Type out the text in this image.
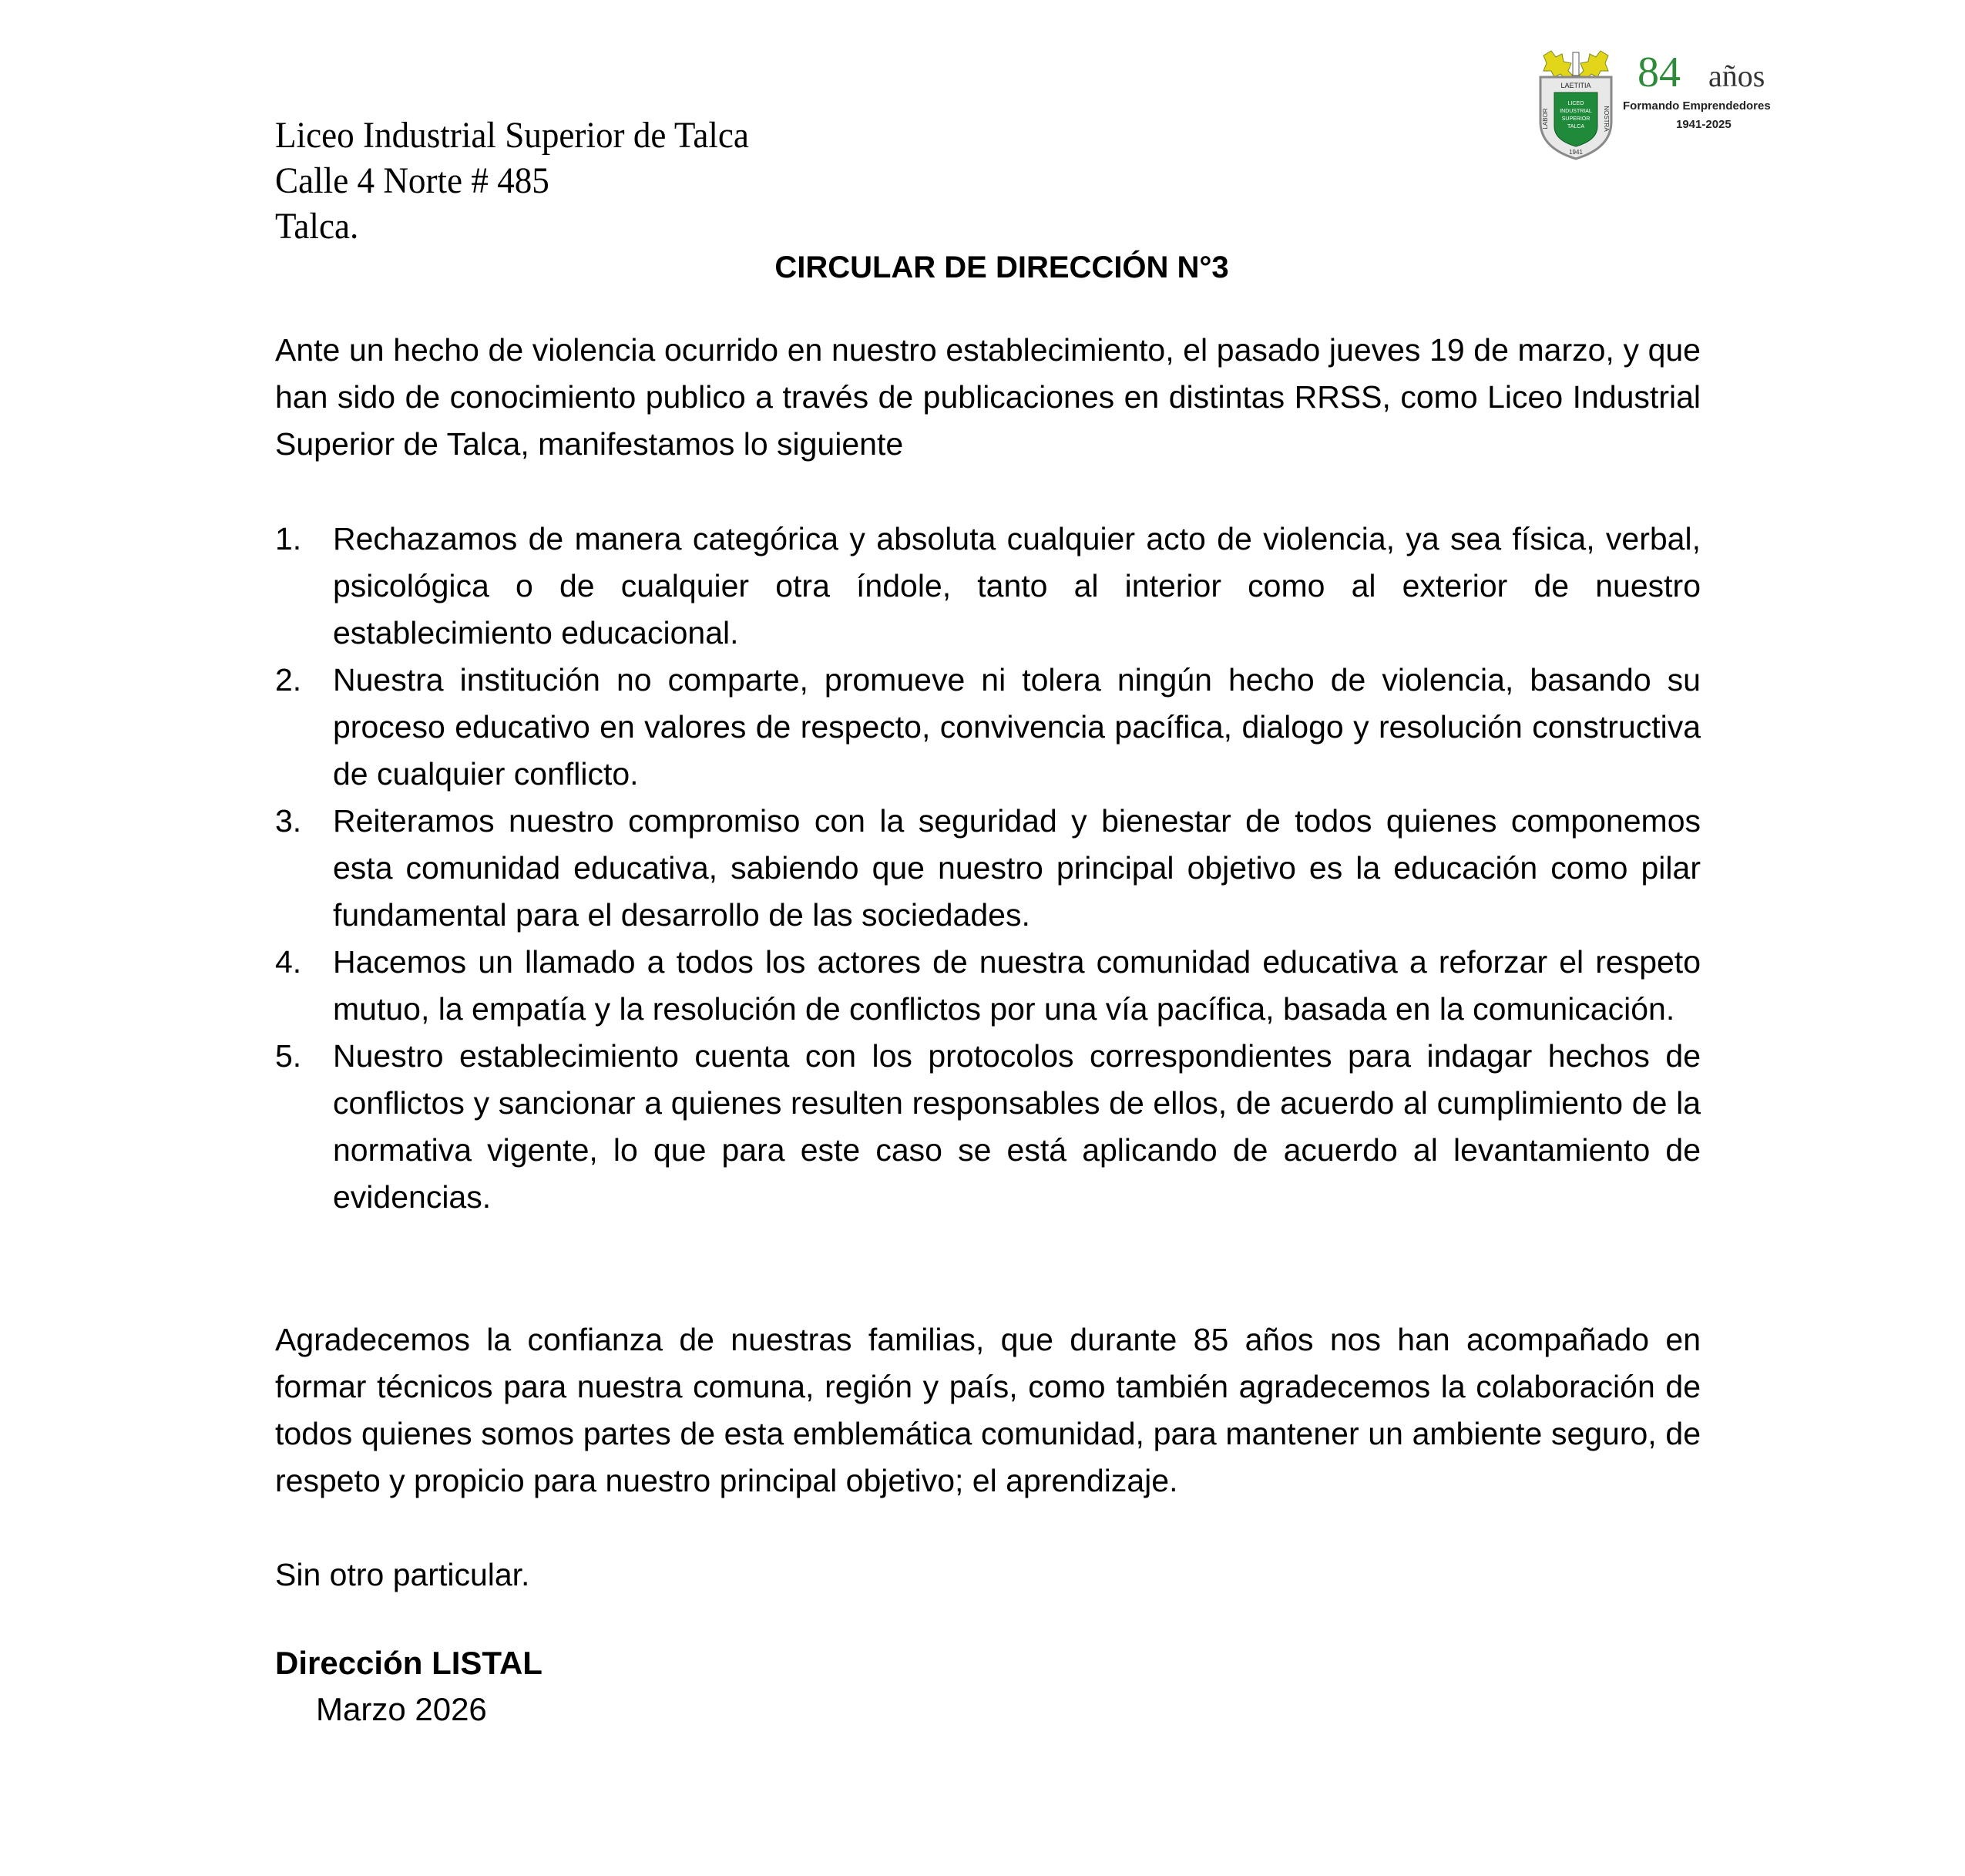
LAETITIA
LICEO
INDUSTRIAL
SUPERIOR
TALCA
LABOR	NOSTRA
1941
84 años
Formando Emprendedores
1941-2025
Liceo Industrial Superior de Talca
Calle 4 Norte # 485
Talca.
CIRCULAR DE DIRECCIÓN N°3

Ante un hecho de violencia ocurrido en nuestro establecimiento, el pasado jueves 19 de marzo, y que han sido de conocimiento publico a través de publicaciones en distintas RRSS, como Liceo Industrial Superior de Talca, manifestamos lo siguiente

1. Rechazamos de manera categórica y absoluta cualquier acto de violencia, ya sea física, verbal, psicológica o de cualquier otra índole, tanto al interior como al exterior de nuestro establecimiento educacional.
2. Nuestra institución no comparte, promueve ni tolera ningún hecho de violencia, basando su proceso educativo en valores de respecto, convivencia pacífica, dialogo y resolución constructiva de cualquier conflicto.
3. Reiteramos nuestro compromiso con la seguridad y bienestar de todos quienes componemos esta comunidad educativa, sabiendo que nuestro principal objetivo es la educación como pilar fundamental para el desarrollo de las sociedades.
4. Hacemos un llamado a todos los actores de nuestra comunidad educativa a reforzar el respeto mutuo, la empatía y la resolución de conflictos por una vía pacífica, basada en la comunicación.
5. Nuestro establecimiento cuenta con los protocolos correspondientes para indagar hechos de conflictos y sancionar a quienes resulten responsables de ellos, de acuerdo al cumplimiento de la normativa vigente, lo que para este caso se está aplicando de acuerdo al levantamiento de evidencias.

Agradecemos la confianza de nuestras familias, que durante 85 años nos han acompañado en formar técnicos para nuestra comuna, región y país, como también agradecemos la colaboración de todos quienes somos partes de esta emblemática comunidad, para mantener un ambiente seguro, de respeto y propicio para nuestro principal objetivo; el aprendizaje.

Sin otro particular.
Dirección LISTAL
Marzo 2026
